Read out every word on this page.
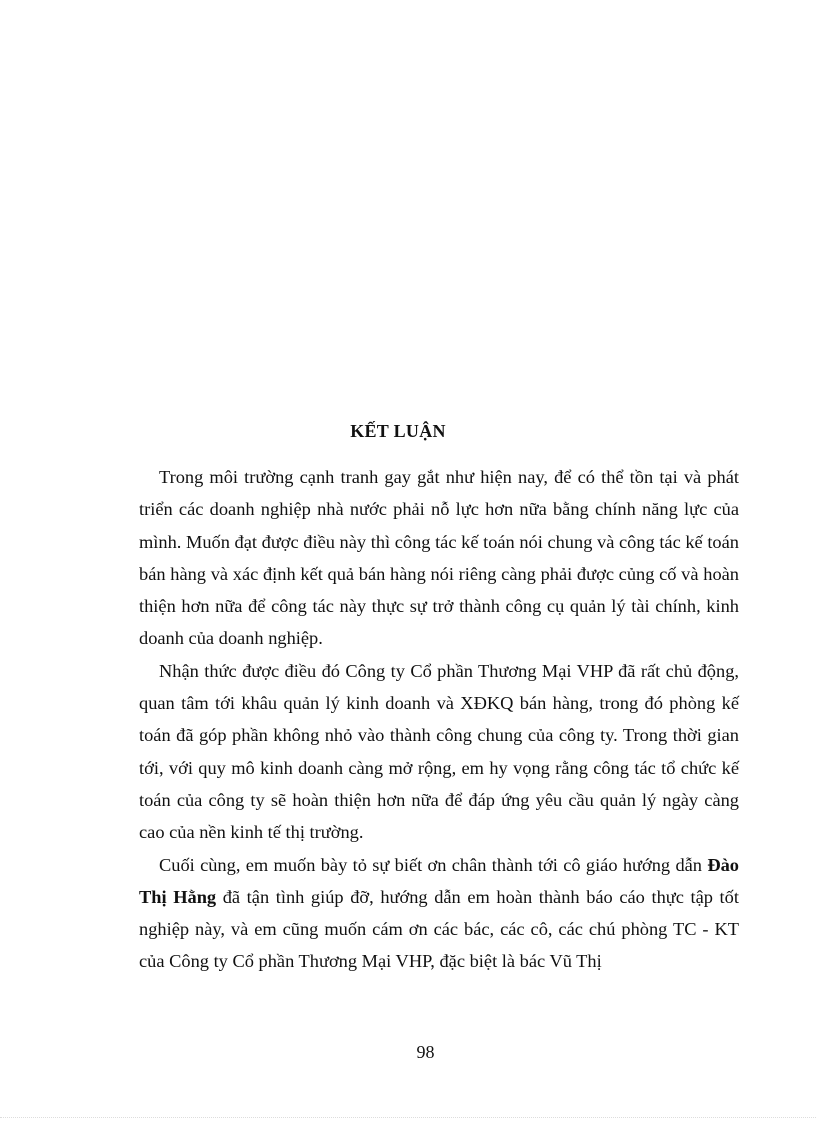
KẾT LUẬN

Trong môi trường cạnh tranh gay gắt như hiện nay, để có thể tồn tại và phát triển các doanh nghiệp nhà nước phải nỗ lực hơn nữa bằng chính năng lực của mình. Muốn đạt được điều này thì công tác kế toán nói chung và công tác kế toán bán hàng và xác định kết quả bán hàng nói riêng càng phải được củng cố và hoàn thiện hơn nữa để công tác này thực sự trở thành công cụ quản lý tài chính, kinh doanh của doanh nghiệp.

Nhận thức được điều đó Công ty Cổ phần Thương Mại VHP đã rất chủ động, quan tâm tới khâu quản lý kinh doanh và XĐKQ bán hàng, trong đó phòng kế toán đã góp phần không nhỏ vào thành công chung của công ty. Trong thời gian tới, với quy mô kinh doanh càng mở rộng, em hy vọng rằng công tác tổ chức kế toán của công ty sẽ hoàn thiện hơn nữa để đáp ứng yêu cầu quản lý ngày càng cao của nền kinh tế thị trường.

Cuối cùng, em muốn bày tỏ sự biết ơn chân thành tới cô giáo hướng dẫn Đào Thị Hằng đã tận tình giúp đỡ, hướng dẫn em hoàn thành báo cáo thực tập tốt nghiệp này, và em cũng muốn cám ơn các bác, các cô, các chú phòng TC - KT của Công ty Cổ phần Thương Mại VHP, đặc biệt là bác Vũ Thị

98
